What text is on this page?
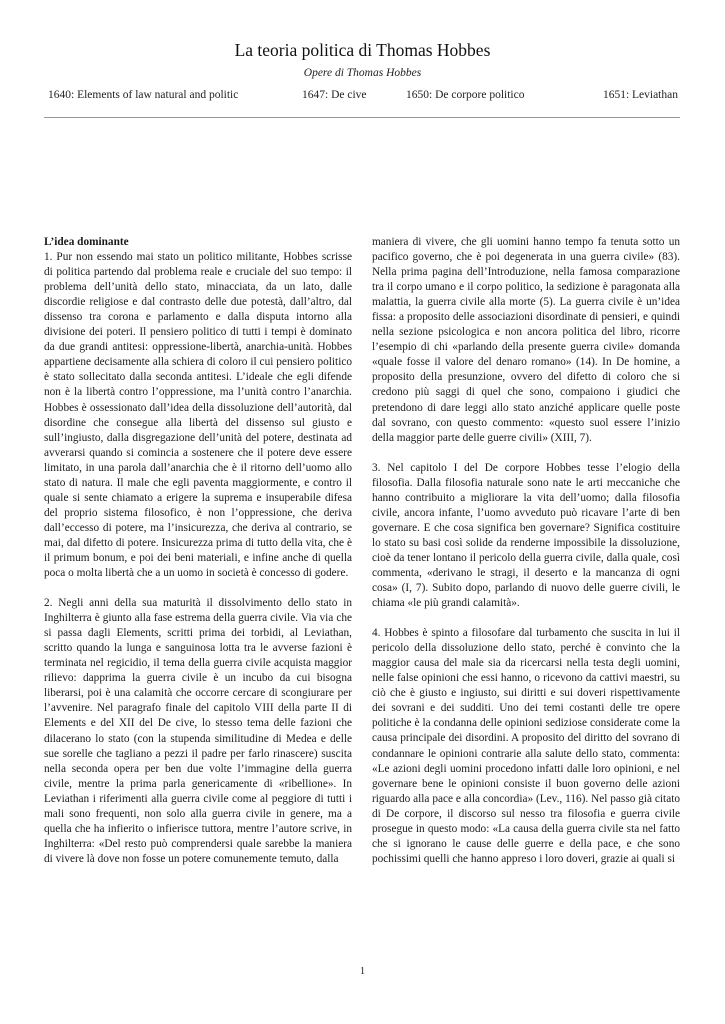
La teoria politica di Thomas Hobbes
Opere di Thomas Hobbes
1640: Elements of law natural and politic	1647: De cive	1650: De corpore politico	1651: Leviathan

L’idea dominante

1. Pur non essendo mai stato un politico militante, Hobbes scrisse di politica partendo dal problema reale e cruciale del suo tempo: il problema dell’unità dello stato, minacciata, da un lato, dalle discordie religiose e dal contrasto delle due potestà, dall’altro, dal dissenso tra corona e parlamento e dalla disputa intorno alla divisione dei poteri. Il pensiero politico di tutti i tempi è dominato da due grandi antitesi: oppressione-libertà, anarchia-unità. Hobbes appartiene decisamente alla schiera di coloro il cui pensiero politico è stato sollecitato dalla seconda antitesi. L’ideale che egli difende non è la libertà contro l’oppressione, ma l’unità contro l’anarchia. Hobbes è ossessionato dall’idea della dissoluzione dell’autorità, dal disordine che consegue alla libertà del dissenso sul giusto e sull’ingiusto, dalla disgregazione dell’unità del potere, destinata ad avverarsi quando si comincia a sostenere che il potere deve essere limitato, in una parola dall’anarchia che è il ritorno dell’uomo allo stato di natura. Il male che egli paventa maggiormente, e contro il quale si sente chiamato a erigere la suprema e insuperabile difesa del proprio sistema filosofico, è non l’oppressione, che deriva dall’eccesso di potere, ma l’insicurezza, che deriva al contrario, se mai, dal difetto di potere. Insicurezza prima di tutto della vita, che è il primum bonum, e poi dei beni materiali, e infine anche di quella poca o molta libertà che a un uomo in società è concesso di godere.

2. Negli anni della sua maturità il dissolvimento dello stato in Inghilterra è giunto alla fase estrema della guerra civile. Via via che si passa dagli Elements, scritti prima dei torbidi, al Leviathan, scritto quando la lunga e sanguinosa lotta tra le avverse fazioni è terminata nel regicidio, il tema della guerra civile acquista maggior rilievo: dapprima la guerra civile è un incubo da cui bisogna liberarsi, poi è una calamità che occorre cercare di scongiurare per l’avvenire. Nel paragrafo finale del capitolo VIII della parte II di Elements e del XII del De cive, lo stesso tema delle fazioni che dilacerano lo stato (con la stupenda similitudine di Medea e delle sue sorelle che tagliano a pezzi il padre per farlo rinascere) suscita nella seconda opera per ben due volte l’immagine della guerra civile, mentre la prima parla genericamente di «ribellione». In Leviathan i riferimenti alla guerra civile come al peggiore di tutti i mali sono frequenti, non solo alla guerra civile in genere, ma a quella che ha infierito o infierisce tuttora, mentre l’autore scrive, in Inghilterra: «Del resto può comprendersi quale sarebbe la maniera di vivere là dove non fosse un potere comunemente temuto, dalla

maniera di vivere, che gli uomini hanno tempo fa tenuta sotto un pacifico governo, che è poi degenerata in una guerra civile» (83). Nella prima pagina dell’Introduzione, nella famosa comparazione tra il corpo umano e il corpo politico, la sedizione è paragonata alla malattia, la guerra civile alla morte (5). La guerra civile è un’idea fissa: a proposito delle associazioni disordinate di pensieri, e quindi nella sezione psicologica e non ancora politica del libro, ricorre l’esempio di chi «parlando della presente guerra civile» domanda «quale fosse il valore del denaro romano» (14). In De homine, a proposito della presunzione, ovvero del difetto di coloro che si credono più saggi di quel che sono, compaiono i giudici che pretendono di dare leggi allo stato anziché applicare quelle poste dal sovrano, con questo commento: «questo suol essere l’inizio della maggior parte delle guerre civili» (XIII, 7).

3. Nel capitolo I del De corpore Hobbes tesse l’elogio della filosofia. Dalla filosofia naturale sono nate le arti meccaniche che hanno contribuito a migliorare la vita dell’uomo; dalla filosofia civile, ancora infante, l’uomo avveduto può ricavare l’arte di ben governare. E che cosa significa ben governare? Significa costituire lo stato su basi così solide da renderne impossibile la dissoluzione, cioè da tener lontano il pericolo della guerra civile, dalla quale, così commenta, «derivano le stragi, il deserto e la mancanza di ogni cosa» (I, 7). Subito dopo, parlando di nuovo delle guerre civili, le chiama «le più grandi calamità».

4. Hobbes è spinto a filosofare dal turbamento che suscita in lui il pericolo della dissoluzione dello stato, perché è convinto che la maggior causa del male sia da ricercarsi nella testa degli uomini, nelle false opinioni che essi hanno, o ricevono da cattivi maestri, su ciò che è giusto e ingiusto, sui diritti e sui doveri rispettivamente dei sovrani e dei sudditi. Uno dei temi costanti delle tre opere politiche è la condanna delle opinioni sediziose considerate come la causa principale dei disordini. A proposito del diritto del sovrano di condannare le opinioni contrarie alla salute dello stato, commenta: «Le azioni degli uomini procedono infatti dalle loro opinioni, e nel governare bene le opinioni consiste il buon governo delle azioni riguardo alla pace e alla concordia» (Lev., 116). Nel passo già citato di De corpore, il discorso sul nesso tra filosofia e guerra civile prosegue in questo modo: «La causa della guerra civile sta nel fatto che si ignorano le cause delle guerre e della pace, e che sono pochissimi quelli che hanno appreso i loro doveri, grazie ai quali si

1
